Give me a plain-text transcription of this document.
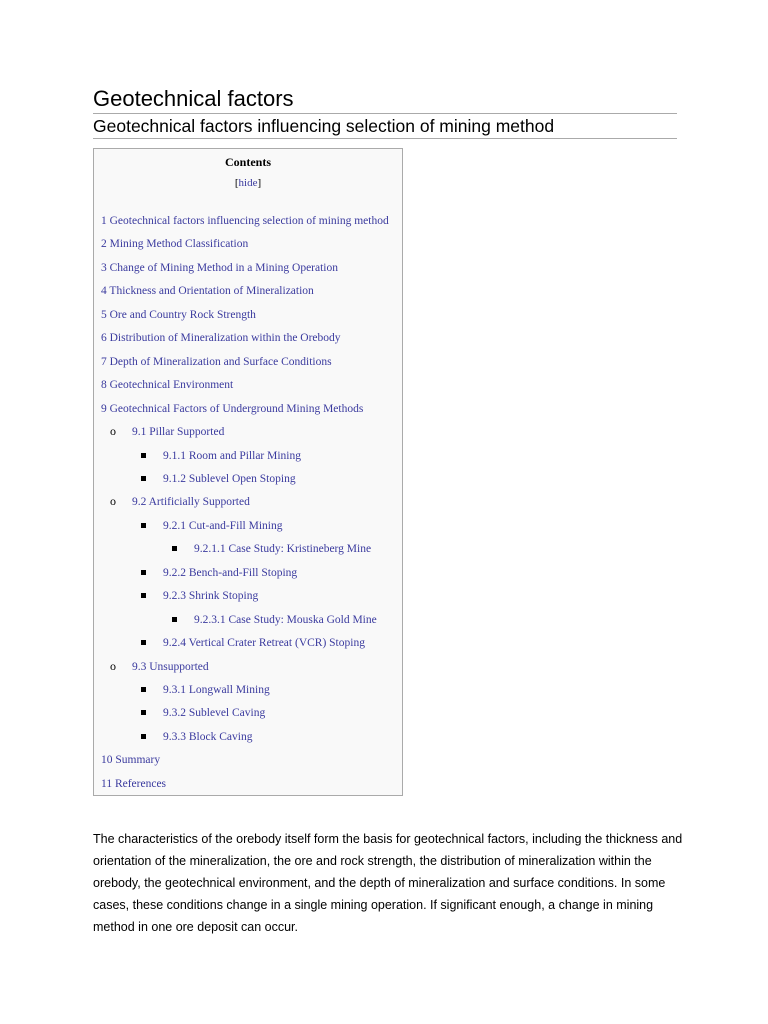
Geotechnical factors
Geotechnical factors influencing selection of mining method
Contents
[hide]
1 Geotechnical factors influencing selection of mining method
2 Mining Method Classification
3 Change of Mining Method in a Mining Operation
4 Thickness and Orientation of Mineralization
5 Ore and Country Rock Strength
6 Distribution of Mineralization within the Orebody
7 Depth of Mineralization and Surface Conditions
8 Geotechnical Environment
9 Geotechnical Factors of Underground Mining Methods
o 9.1 Pillar Supported
9.1.1 Room and Pillar Mining
9.1.2 Sublevel Open Stoping
o 9.2 Artificially Supported
9.2.1 Cut-and-Fill Mining
9.2.1.1 Case Study: Kristineberg Mine
9.2.2 Bench-and-Fill Stoping
9.2.3 Shrink Stoping
9.2.3.1 Case Study: Mouska Gold Mine
9.2.4 Vertical Crater Retreat (VCR) Stoping
o 9.3 Unsupported
9.3.1 Longwall Mining
9.3.2 Sublevel Caving
9.3.3 Block Caving
10 Summary
11 References

The characteristics of the orebody itself form the basis for geotechnical factors, including the thickness and orientation of the mineralization, the ore and rock strength, the distribution of mineralization within the orebody, the geotechnical environment, and the depth of mineralization and surface conditions. In some cases, these conditions change in a single mining operation. If significant enough, a change in mining method in one ore deposit can occur.
